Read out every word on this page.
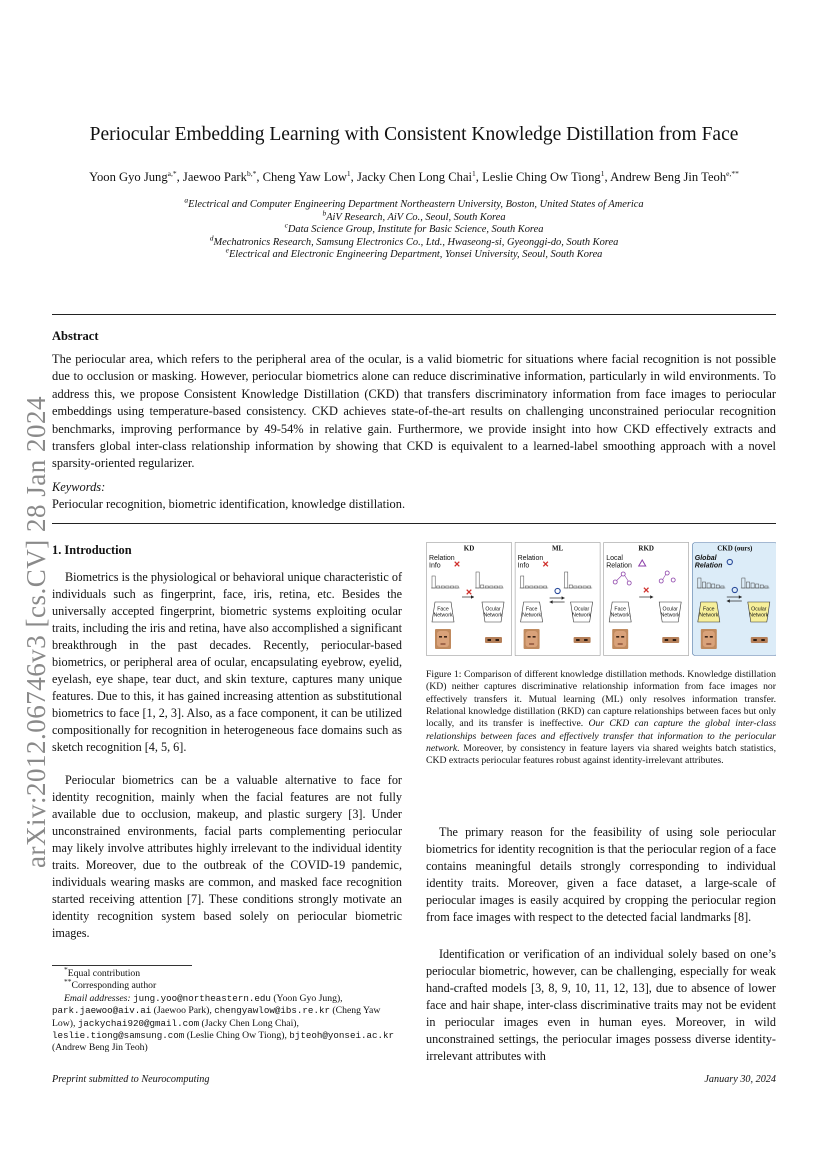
arXiv:2012.06746v3 [cs.CV] 28 Jan 2024
Periocular Embedding Learning with Consistent Knowledge Distillation from Face
Yoon Gyo Jung$^{a,*}$, Jaewoo Park$^{b,*}$, Cheng Yaw Low$^1$, Jacky Chen Long Chai$^1$, Leslie Ching Ow Tiong$^1$, Andrew Beng Jin Teoh$^{e,**}$
$^a$Electrical and Computer Engineering Department Northeastern University, Boston, United States of America
$^b$AiV Research, AiV Co., Seoul, South Korea
$^c$Data Science Group, Institute for Basic Science, South Korea
$^d$Mechatronics Research, Samsung Electronics Co., Ltd., Hwaseong-si, Gyeonggi-do, South Korea
$^e$Electrical and Electronic Engineering Department, Yonsei University, Seoul, South Korea
Abstract
The periocular area, which refers to the peripheral area of the ocular, is a valid biometric for situations where facial recognition is not possible due to occlusion or masking. However, periocular biometrics alone can reduce discriminative information, particularly in wild environments. To address this, we propose Consistent Knowledge Distillation (CKD) that transfers discriminatory information from face images to periocular embeddings using temperature-based consistency. CKD achieves state-of-the-art results on challenging unconstrained periocular recognition benchmarks, improving performance by 49-54% in relative gain. Furthermore, we provide insight into how CKD effectively extracts and transfers global inter-class relationship information by showing that CKD is equivalent to a learned-label smoothing approach with a novel sparsity-oriented regularizer.
Keywords:
Periocular recognition, biometric identification, knowledge distillation.
1. Introduction
Biometrics is the physiological or behavioral unique characteristic of individuals such as fingerprint, face, iris, retina, etc. Besides the universally accepted fingerprint, biometric systems exploiting ocular traits, including the iris and retina, have also accomplished a significant breakthrough in the past decades. Recently, periocular-based biometrics, or peripheral area of ocular, encapsulating eyebrow, eyelid, eyelash, eye shape, tear duct, and skin texture, captures many unique features. Due to this, it has gained increasing attention as substitutional biometrics to face [1, 2, 3]. Also, as a face component, it can be utilized compositionally for recognition in heterogeneous face domains such as sketch recognition [4, 5, 6].
Periocular biometrics can be a valuable alternative to face for identity recognition, mainly when the facial features are not fully available due to occlusion, makeup, and plastic surgery [3]. Under unconstrained environments, facial parts complementing periocular may likely involve attributes highly irrelevant to the individual identity traits. Moreover, due to the outbreak of the COVID-19 pandemic, individuals wearing masks are common, and masked face recognition started receiving attention [7]. These conditions strongly motivate an identity recognition system based solely on periocular biometric images.
KD
Relation
Info
Face
Network
Ocular
Network
ML
Relation
Info
Face
Network
Ocular
Network
RKD
Local
Relation
Face
Network
Ocular
Network
CKD (ours)
Global
Relation
Face
Network
Ocular
Network
Figure 1: Comparison of different knowledge distillation methods. Knowledge distillation (KD) neither captures discriminative relationship information from face images nor effectively transfers it. Mutual learning (ML) only resolves information transfer. Relational knowledge distillation (RKD) can capture relationships between faces but only locally, and its transfer is ineffective. Our CKD can capture the global inter-class relationships between faces and effectively transfer that information to the periocular network. Moreover, by consistency in feature layers via shared weights batch statistics, CKD extracts periocular features robust against identity-irrelevant attributes.
The primary reason for the feasibility of using sole periocular biometrics for identity recognition is that the periocular region of a face contains meaningful details strongly corresponding to individual identity traits. Moreover, given a face dataset, a large-scale of periocular images is easily acquired by cropping the periocular region from face images with respect to the detected facial landmarks [8].
Identification or verification of an individual solely based on one’s periocular biometric, however, can be challenging, especially for weak hand-crafted models [3, 8, 9, 10, 11, 12, 13], due to absence of lower face and hair shape, inter-class discriminative traits may not be evident in periocular images even in human eyes. Moreover, in wild unconstrained settings, the periocular images possess diverse identity-irrelevant attributes with
*Equal contribution
**Corresponding author
Email addresses: jung.yoo@northeastern.edu (Yoon Gyo Jung), park.jaewoo@aiv.ai (Jaewoo Park), chengyawlow@ibs.re.kr (Cheng Yaw Low), jackychai920@gmail.com (Jacky Chen Long Chai), leslie.tiong@samsung.com (Leslie Ching Ow Tiong), bjteoh@yonsei.ac.kr (Andrew Beng Jin Teoh)
Preprint submitted to Neurocomputing	January 30, 2024
